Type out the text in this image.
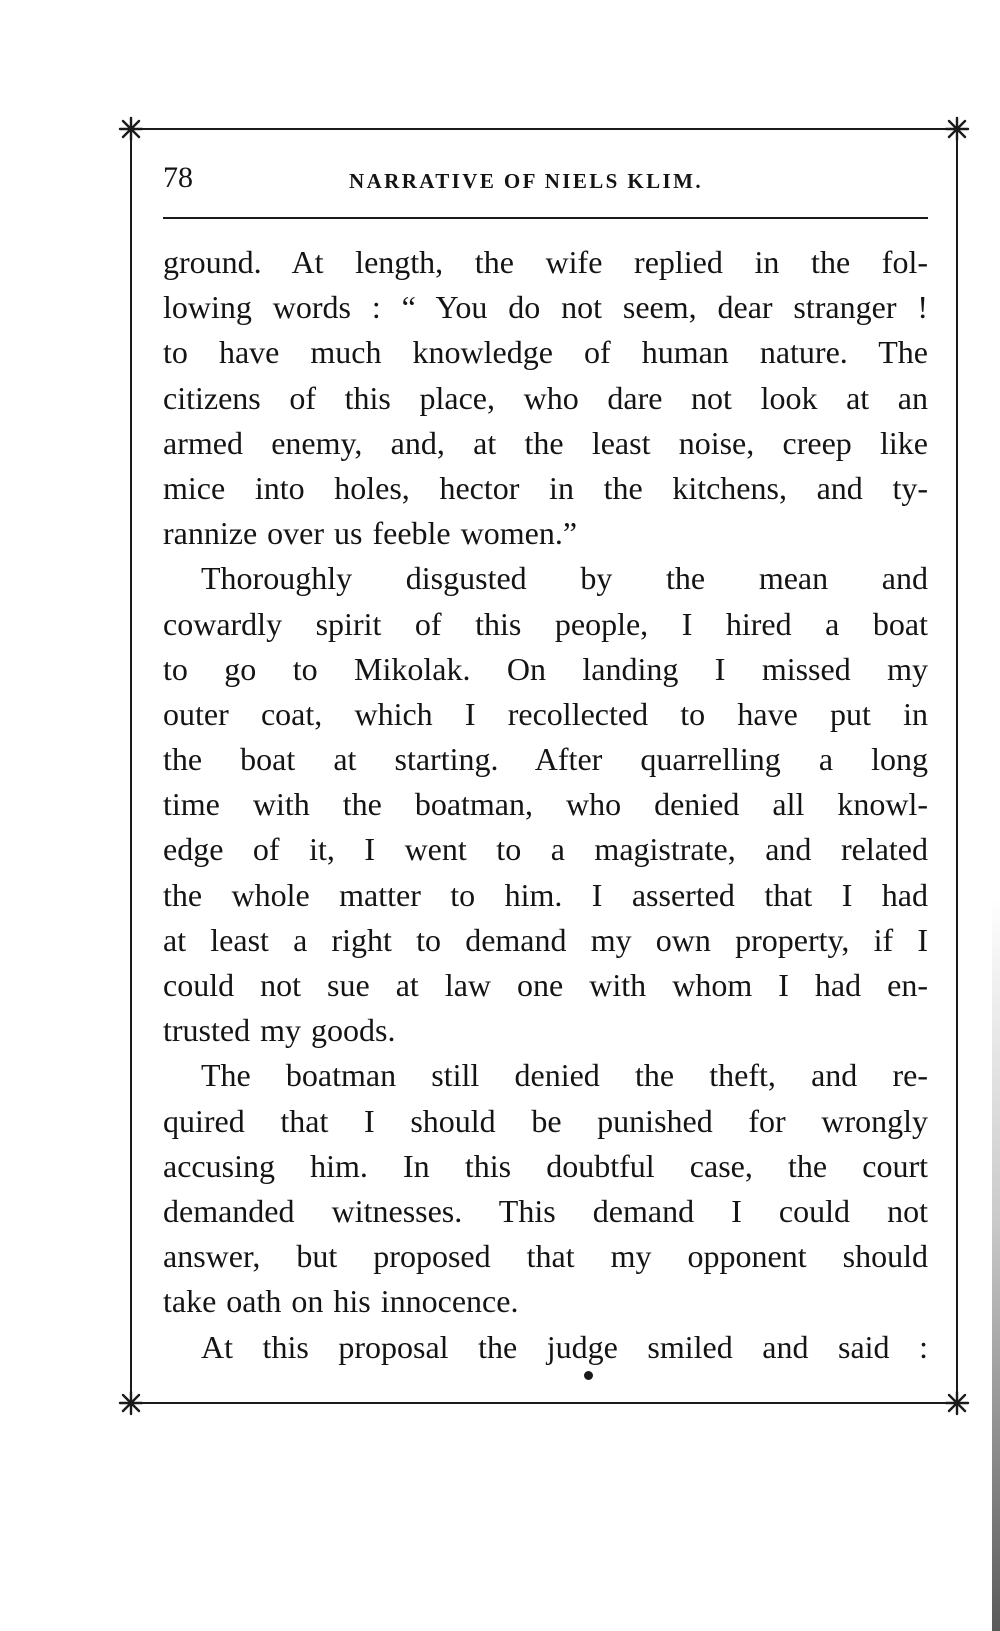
78	NARRATIVE OF NIELS KLIM.
ground. At length, the wife replied in the fol-
lowing words : “ You do not seem, dear stranger !
to have much knowledge of human nature. The
citizens of this place, who dare not look at an
armed enemy, and, at the least noise, creep like
mice into holes, hector in the kitchens, and ty-
rannize over us feeble women.”
Thoroughly disgusted by the mean and
cowardly spirit of this people, I hired a boat
to go to Mikolak. On landing I missed my
outer coat, which I recollected to have put in
the boat at starting. After quarrelling a long
time with the boatman, who denied all knowl-
edge of it, I went to a magistrate, and related
the whole matter to him. I asserted that I had
at least a right to demand my own property, if I
could not sue at law one with whom I had en-
trusted my goods.
The boatman still denied the theft, and re-
quired that I should be punished for wrongly
accusing him. In this doubtful case, the court
demanded witnesses. This demand I could not
answer, but proposed that my opponent should
take oath on his innocence.
At this proposal the judge smiled and said :
